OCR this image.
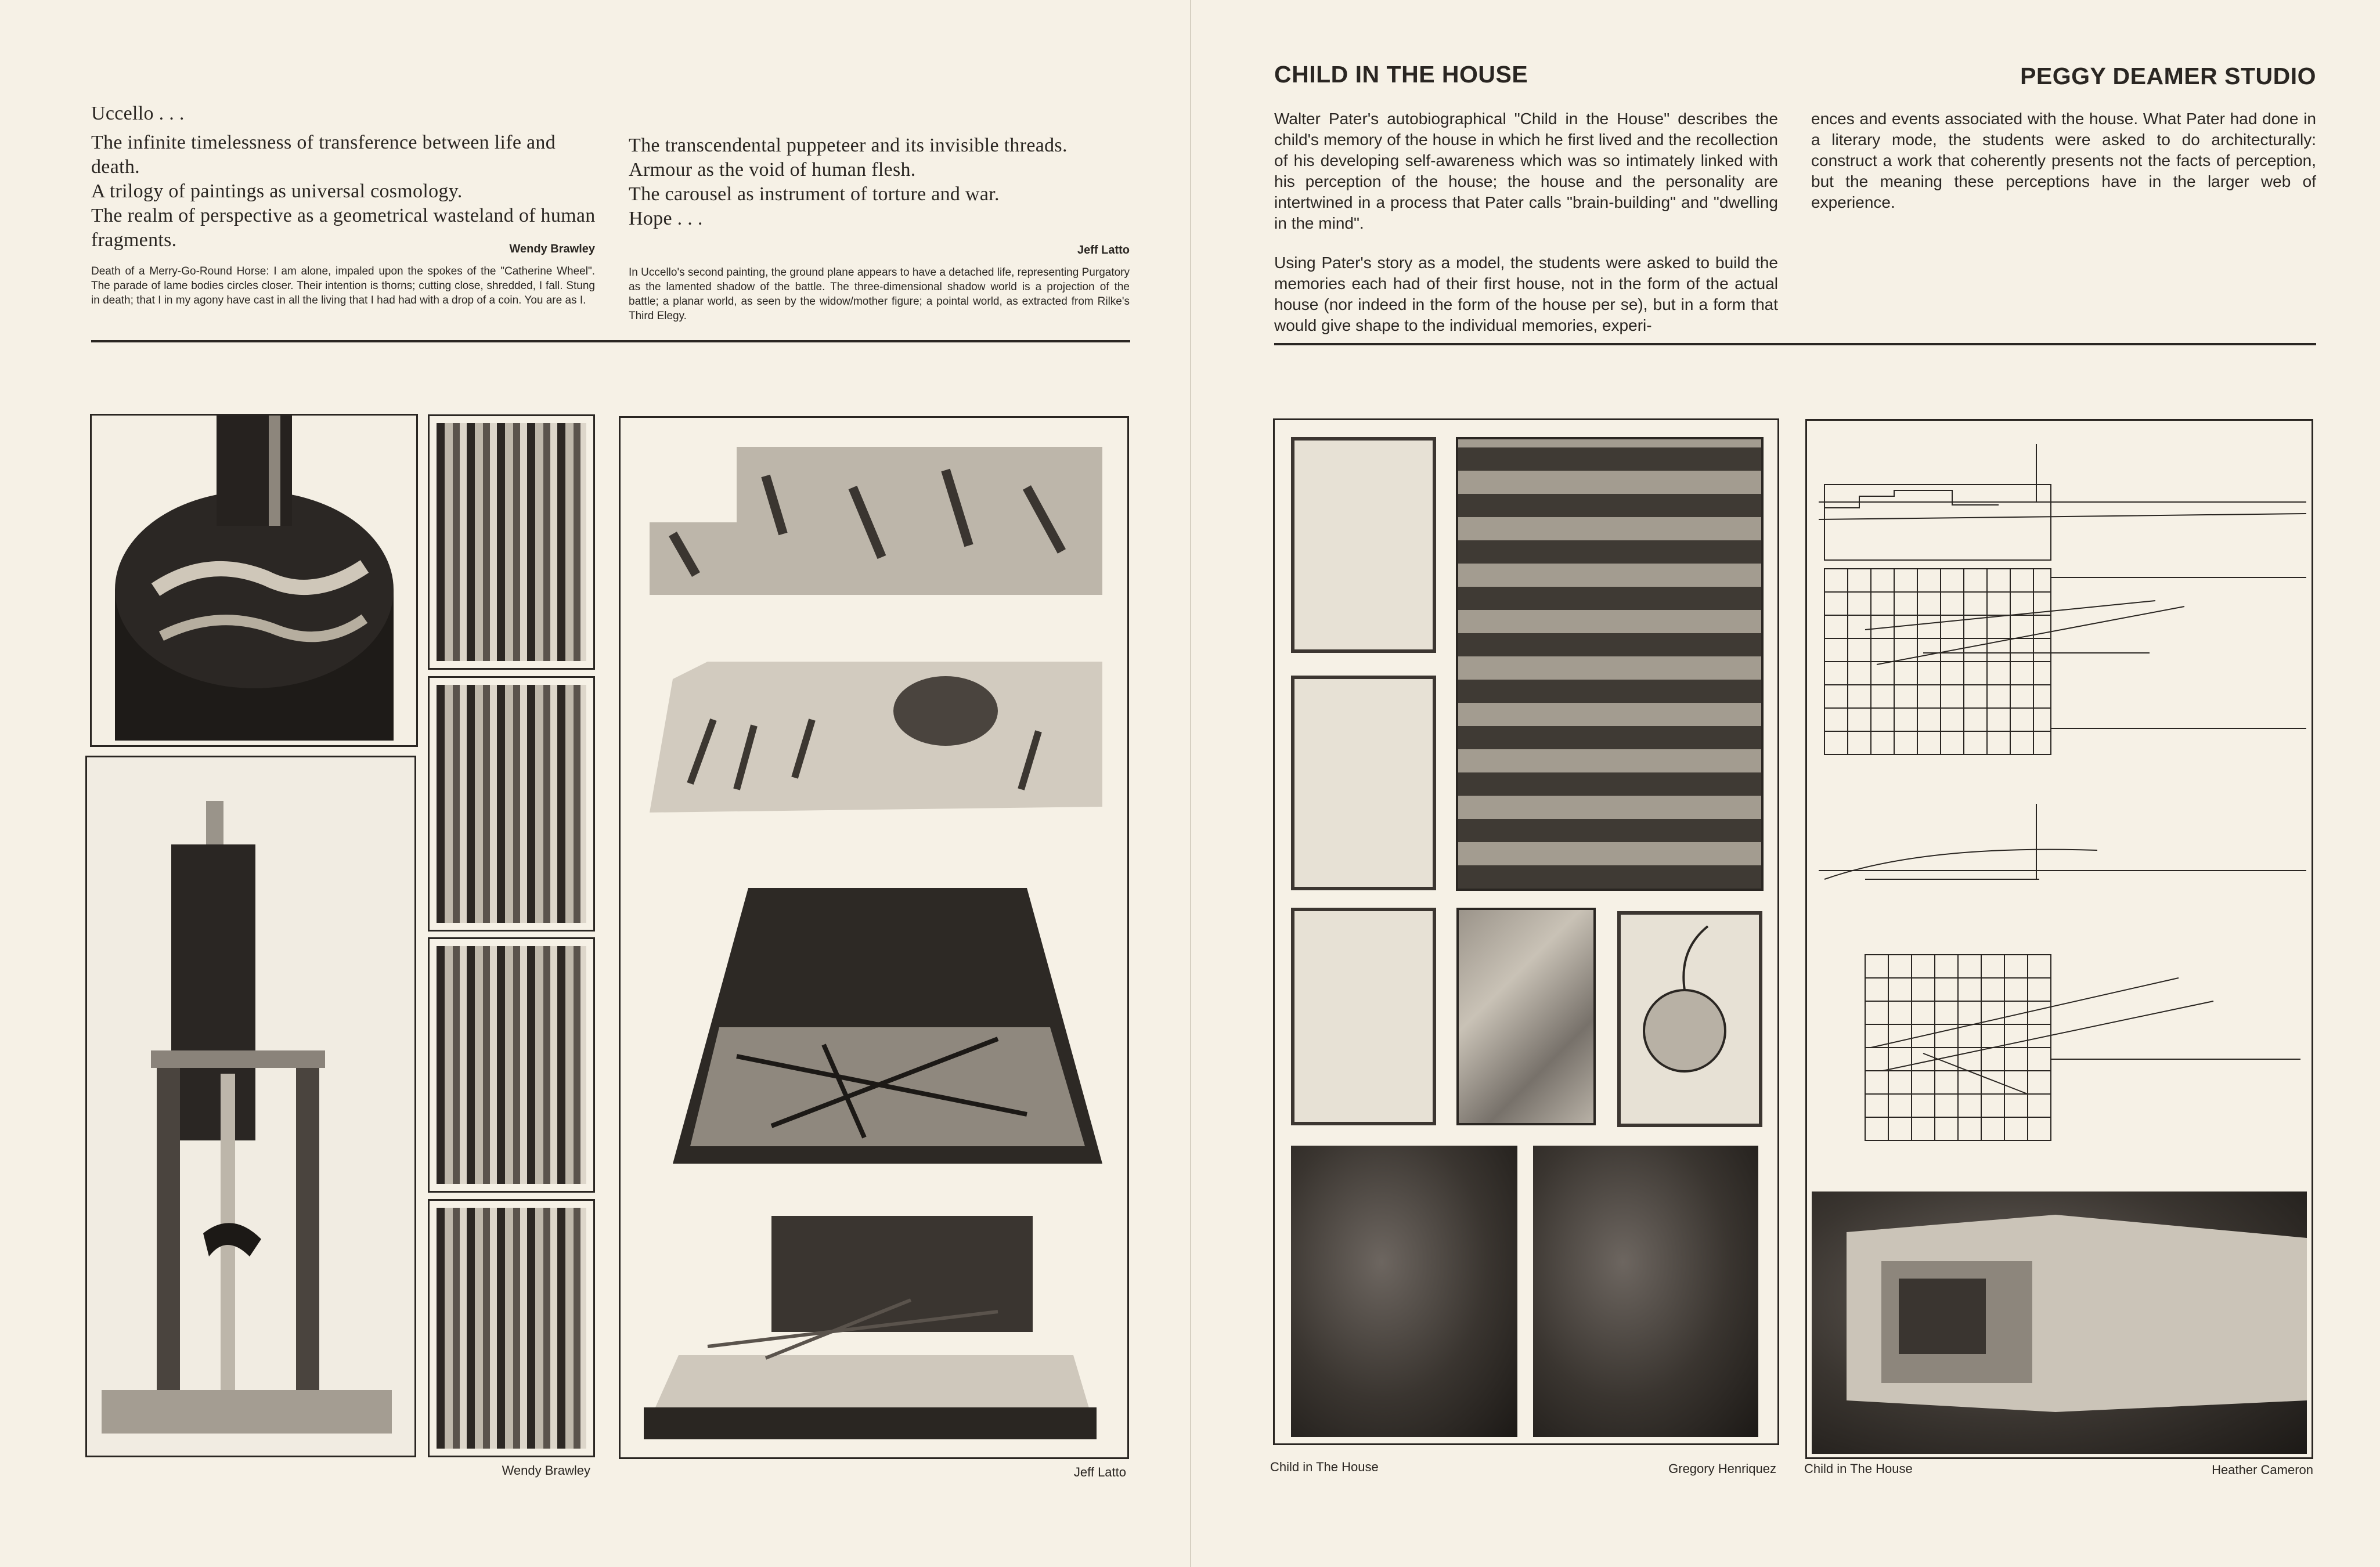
Uccello . . .
The infinite timelessness of transference between life and death.
A trilogy of paintings as universal cosmology.
The realm of perspective as a geometrical wasteland of human fragments.
The transcendental puppeteer and its invisible threads.
Armour as the void of human flesh.
The carousel as instrument of torture and war.
Hope . . .
Wendy Brawley
Death of a Merry-Go-Round Horse: I am alone, impaled upon the spokes of the "Catherine Wheel". The parade of lame bodies circles closer. Their intention is thorns; cutting close, shredded, I fall. Stung in death; that I in my agony have cast in all the living that I had had with a drop of a coin. You are as I.
Jeff Latto
In Uccello's second painting, the ground plane appears to have a detached life, representing Purgatory as the lamented shadow of the battle. The three-dimensional shadow world is a projection of the battle; a planar world, as seen by the widow/mother figure; a pointal world, as extracted from Rilke's Third Elegy.
Wendy Brawley	Jeff Latto
CHILD IN THE HOUSE	PEGGY DEAMER STUDIO
Walter Pater's autobiographical "Child in the House" describes the child's memory of the house in which he first lived and the recollection of his developing self-awareness which was so intimately linked with his perception of the house; the house and the personality are intertwined in a process that Pater calls "brain-building" and "dwelling in the mind".
Using Pater's story as a model, the students were asked to build the memories each had of their first house, not in the form of the actual house (nor indeed in the form of the house per se), but in a form that would give shape to the individual memories, experi-
ences and events associated with the house. What Pater had done in a literary mode, the students were asked to do architecturally: construct a work that coherently presents not the facts of perception, but the meaning these perceptions have in the larger web of experience.
Child in The House	Gregory Henriquez Child in The House	Heather Cameron
